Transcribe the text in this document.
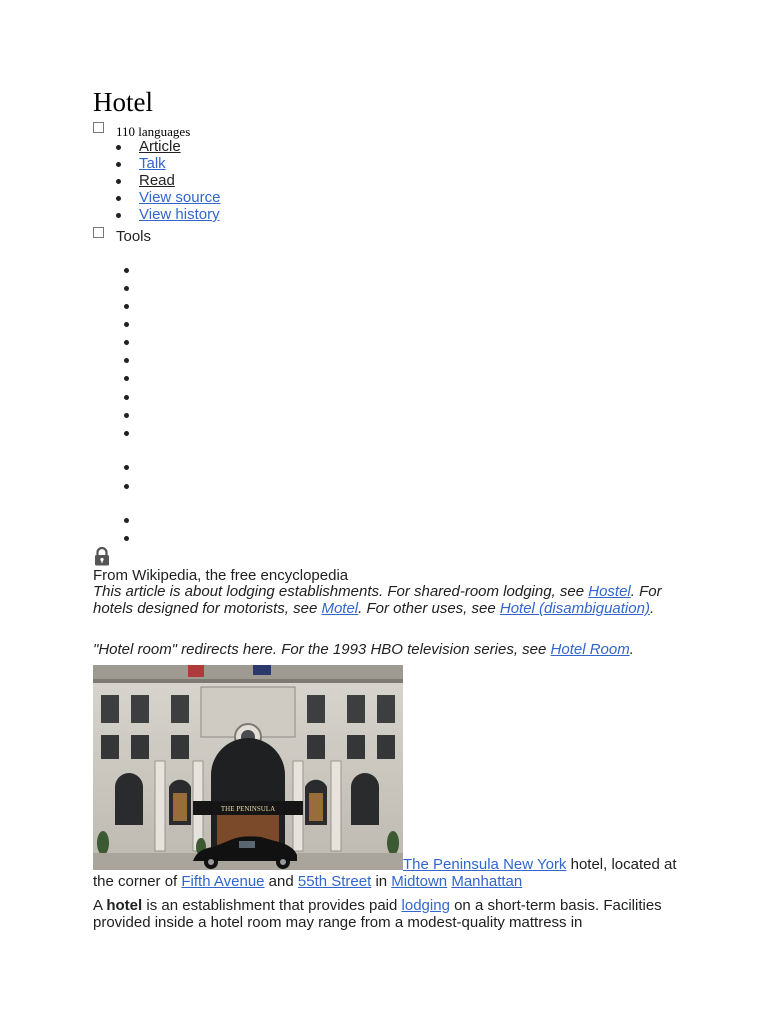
Hotel
110 languages
Article
Talk
Read
View source
View history
Tools
From Wikipedia, the free encyclopedia
This article is about lodging establishments. For shared-room lodging, see Hostel. For hotels designed for motorists, see Motel. For other uses, see Hotel (disambiguation).
"Hotel room" redirects here. For the 1993 HBO television series, see Hotel Room.
THE PENINSULA
The Peninsula New York hotel, located at the corner of Fifth Avenue and 55th Street in Midtown Manhattan
A hotel is an establishment that provides paid lodging on a short-term basis. Facilities provided inside a hotel room may range from a modest-quality mattress in
